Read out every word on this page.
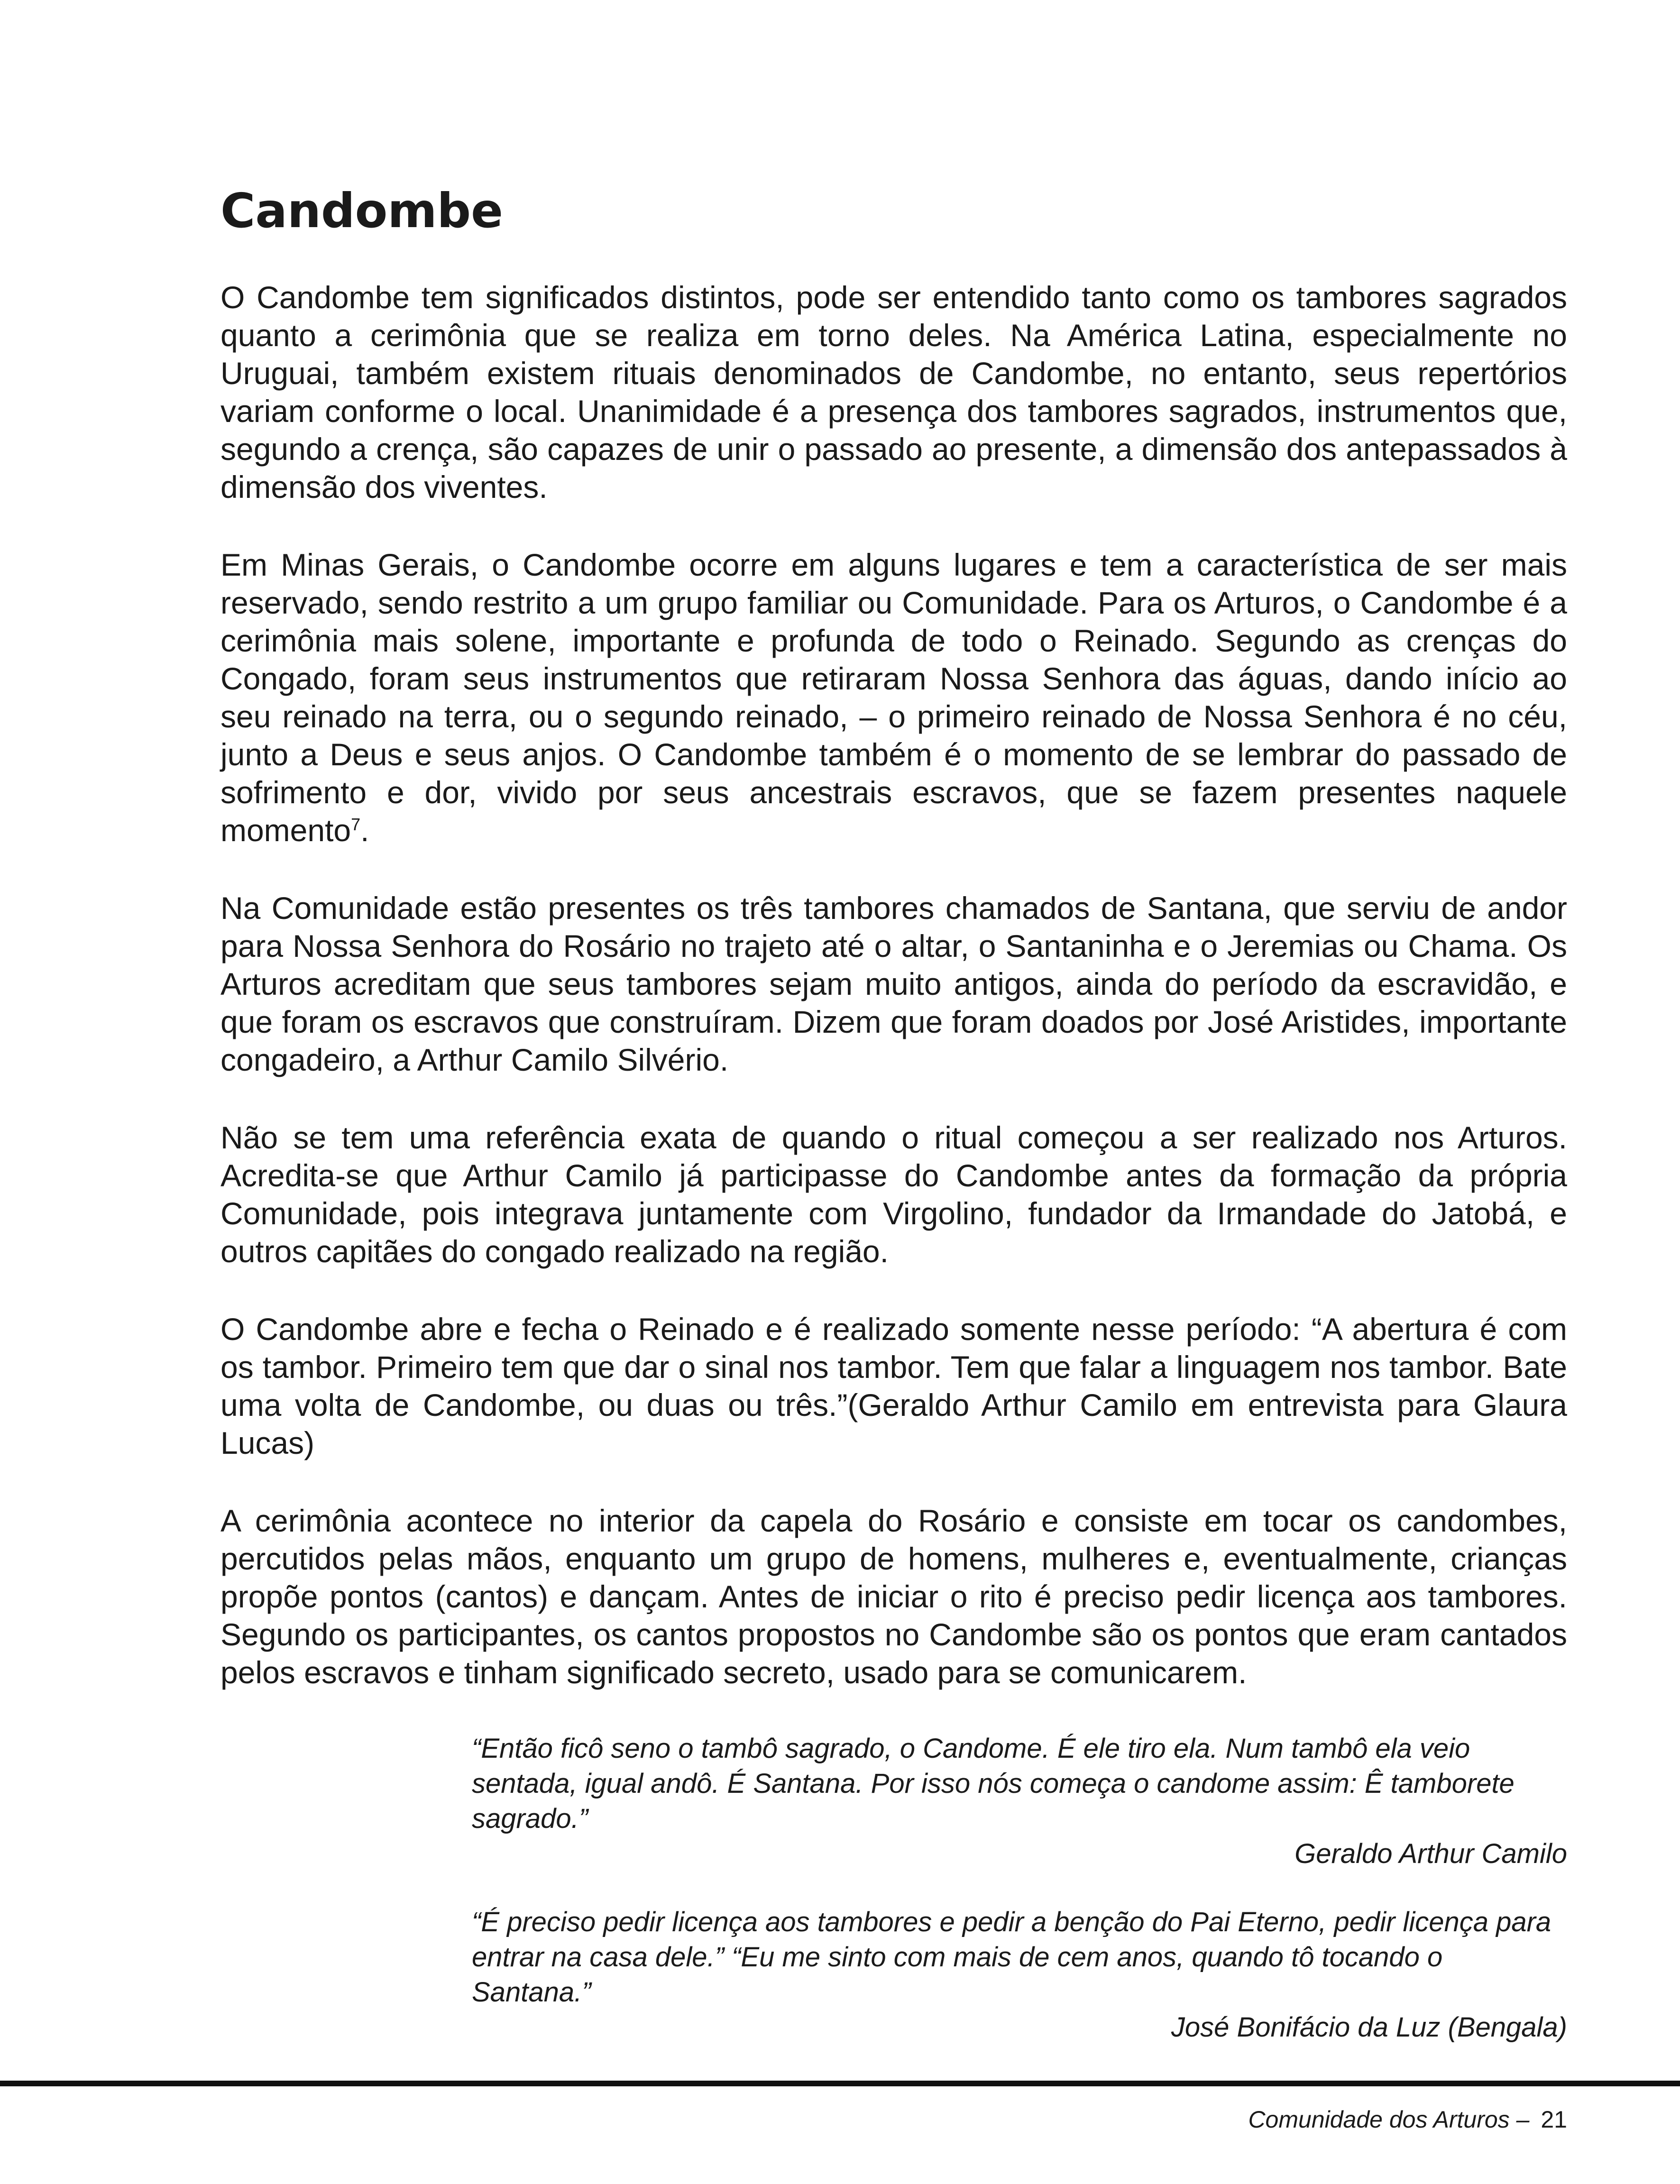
Candombe

O Candombe tem significados distintos, pode ser entendido tanto como os tambores sagrados quanto a cerimônia que se realiza em torno deles. Na América Latina, especialmente no Uruguai, também existem rituais denominados de Candombe, no entanto, seus repertórios variam conforme o local. Unanimidade é a presença dos tambores sagrados, instrumentos que, segundo a crença, são capazes de unir o passado ao presente, a dimensão dos antepassados à dimensão dos viventes.

Em Minas Gerais, o Candombe ocorre em alguns lugares e tem a característica de ser mais reservado, sendo restrito a um grupo familiar ou Comunidade. Para os Arturos, o Candombe é a cerimônia mais solene, importante e profunda de todo o Reinado. Segundo as crenças do Congado, foram seus instrumentos que retiraram Nossa Senhora das águas, dando início ao seu reinado na terra, ou o segundo reinado, – o primeiro reinado de Nossa Senhora é no céu, junto a Deus e seus anjos. O Candombe também é o momento de se lembrar do passado de sofrimento e dor, vivido por seus ancestrais escravos, que se fazem presentes naquele momento$^7$.

Na Comunidade estão presentes os três tambores chamados de Santana, que serviu de andor para Nossa Senhora do Rosário no trajeto até o altar, o Santaninha e o Jeremias ou Chama. Os Arturos acreditam que seus tambores sejam muito antigos, ainda do período da escravidão, e que foram os escravos que construíram. Dizem que foram doados por José Aristides, importante congadeiro, a Arthur Camilo Silvério.

Não se tem uma referência exata de quando o ritual começou a ser realizado nos Arturos. Acredita-se que Arthur Camilo já participasse do Candombe antes da formação da própria Comunidade, pois integrava juntamente com Virgolino, fundador da Irmandade do Jatobá, e outros capitães do congado realizado na região.

O Candombe abre e fecha o Reinado e é realizado somente nesse período: “A abertura é com os tambor. Primeiro tem que dar o sinal nos tambor. Tem que falar a linguagem nos tambor. Bate uma volta de Candombe, ou duas ou três.”(Geraldo Arthur Camilo em entrevista para Glaura Lucas)

A cerimônia acontece no interior da capela do Rosário e consiste em tocar os candombes, percutidos pelas mãos, enquanto um grupo de homens, mulheres e, eventualmente, crianças propõe pontos (cantos) e dançam. Antes de iniciar o rito é preciso pedir licença aos tambores. Segundo os participantes, os cantos propostos no Candombe são os pontos que eram cantados pelos escravos e tinham significado secreto, usado para se comunicarem.

“Então ficô seno o tambô sagrado, o Candome. É ele tiro ela. Num tambô ela veio sentada, igual andô. É Santana. Por isso nós começa o candome assim: Ê tamborete sagrado.”

Geraldo Arthur Camilo

“É preciso pedir licença aos tambores e pedir a benção do Pai Eterno, pedir licença para entrar na casa dele.” “Eu me sinto com mais de cem anos, quando tô tocando o Santana.”

José Bonifácio da Luz (Bengala)

Comunidade dos Arturos – 21
